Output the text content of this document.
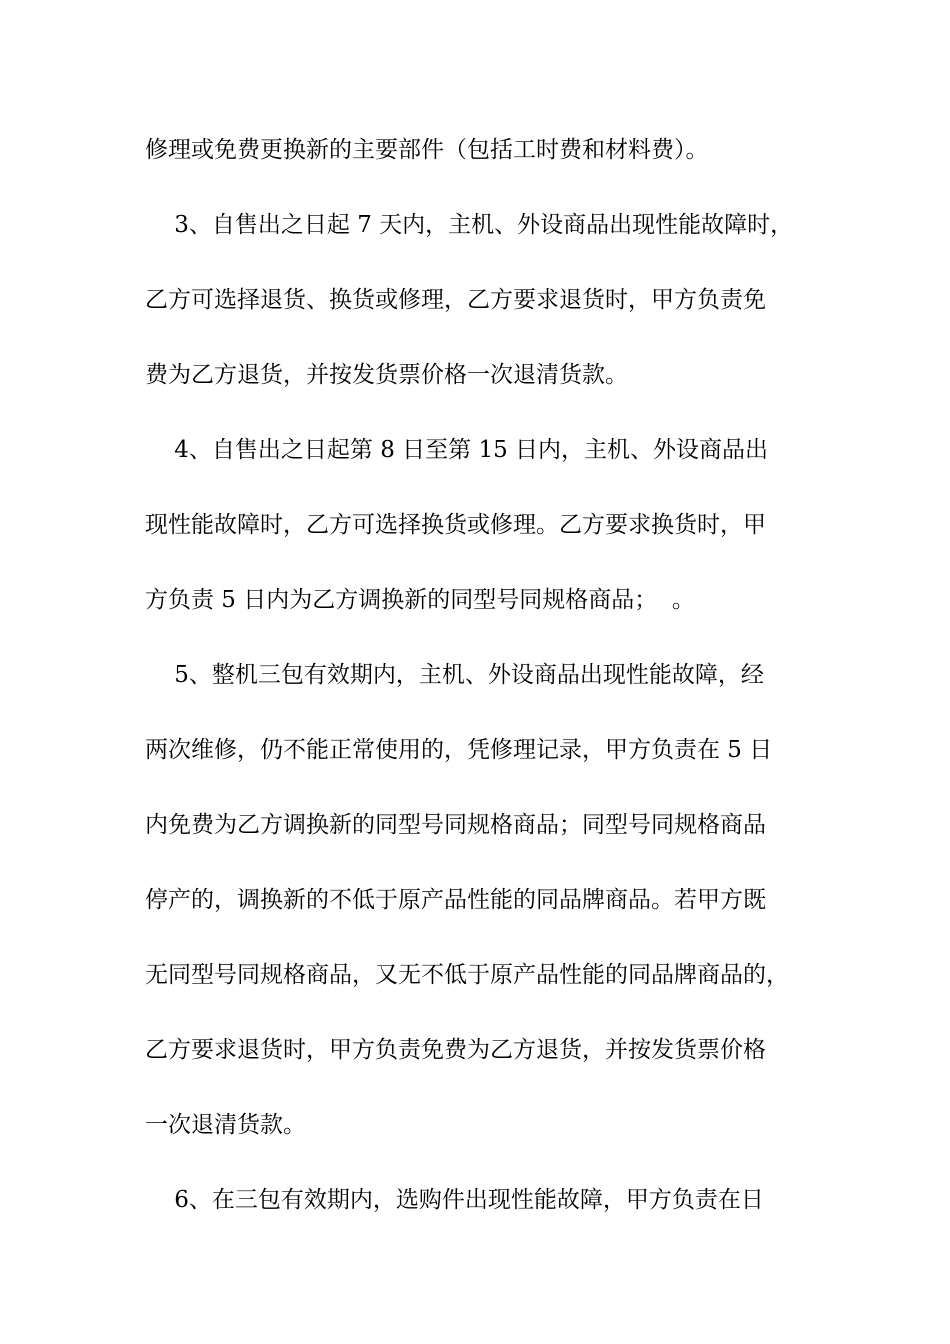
修理或免费更换新的主要部件（包括工时费和材料费）。
3、自售出之日起 7 天内，主机、外设商品出现性能故障时，
乙方可选择退货、换货或修理，乙方要求退货时，甲方负责免
费为乙方退货，并按发货票价格一次退清货款。
4、自售出之日起第 8 日至第 15 日内，主机、外设商品出
现性能故障时，乙方可选择换货或修理。乙方要求换货时，甲
方负责 5 日内为乙方调换新的同型号同规格商品；  。
5、整机三包有效期内，主机、外设商品出现性能故障，经
两次维修，仍不能正常使用的，凭修理记录，甲方负责在 5 日
内免费为乙方调换新的同型号同规格商品；同型号同规格商品
停产的，调换新的不低于原产品性能的同品牌商品。若甲方既
无同型号同规格商品，又无不低于原产品性能的同品牌商品的，
乙方要求退货时，甲方负责免费为乙方退货，并按发货票价格
一次退清货款。
6、在三包有效期内，选购件出现性能故障，甲方负责在日
